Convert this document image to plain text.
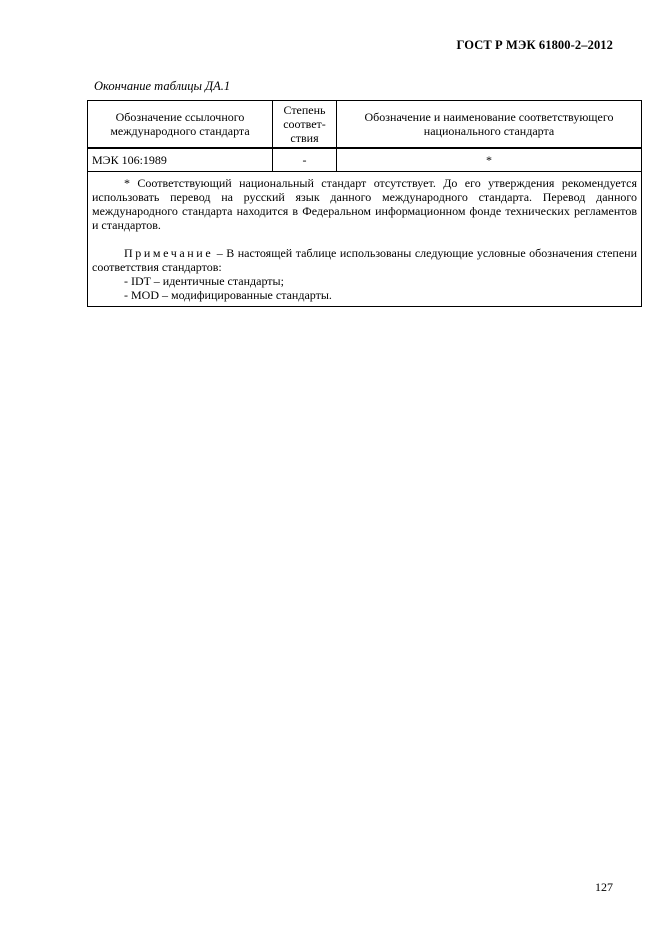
ГОСТ Р МЭК 61800-2–2012
Окончание таблицы ДА.1
Обозначение ссылочного международного стандарта	Степень соответ-ствия	Обозначение и наименование соответствующего национального стандарта
МЭК 106:1989	-	*

* Соответствующий национальный стандарт отсутствует. До его утверждения рекомендуется использовать перевод на русский язык данного международного стандарта. Перевод данного международного стандарта находится в Федеральном информационном фонде технических регламентов и стандартов.

Примечание – В настоящей таблице использованы следующие условные обозначения степени соответствия стандартов:

- IDT – идентичные стандарты;

- MOD – модифицированные стандарты.		

127
